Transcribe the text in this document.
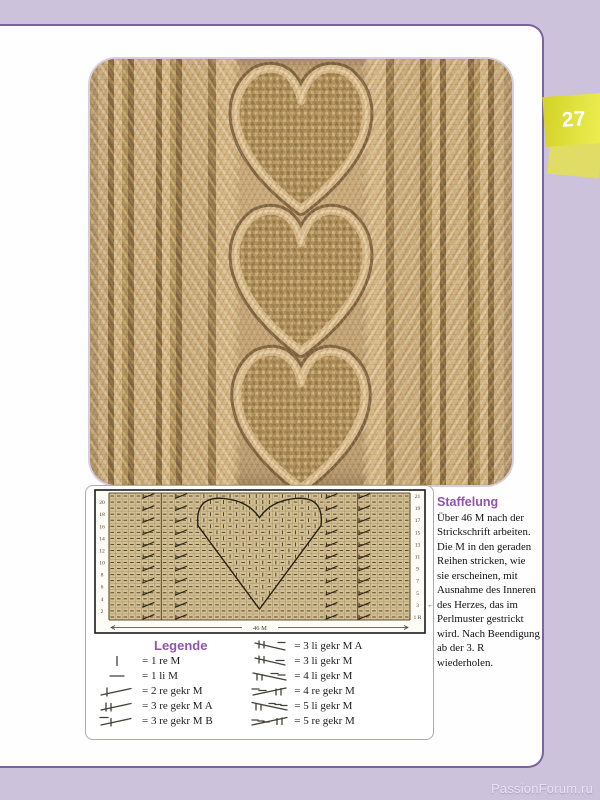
20
18
16
14
12
10
8
6
4
2
21
19
17
15
13
11
9
7
5
3 ←
1 R
46 M
Legende
= 1 re M
= 1 li M
= 2 re gekr M
= 3 re gekr M A
= 3 re gekr M B
= 3 li gekr M A
= 3 li gekr M
= 4 li gekr M
= 4 re gekr M
= 5 li gekr M
= 5 re gekr M
Staffelung

Über 46 M nach der Strickschrift arbeiten. Die M in den geraden Reihen stricken, wie sie erscheinen, mit Ausnahme des Inneren des Herzes, das im Perlmuster gestrickt wird. Nach Beendigung ab der 3. R wiederholen.

27
PassionForum.ru
